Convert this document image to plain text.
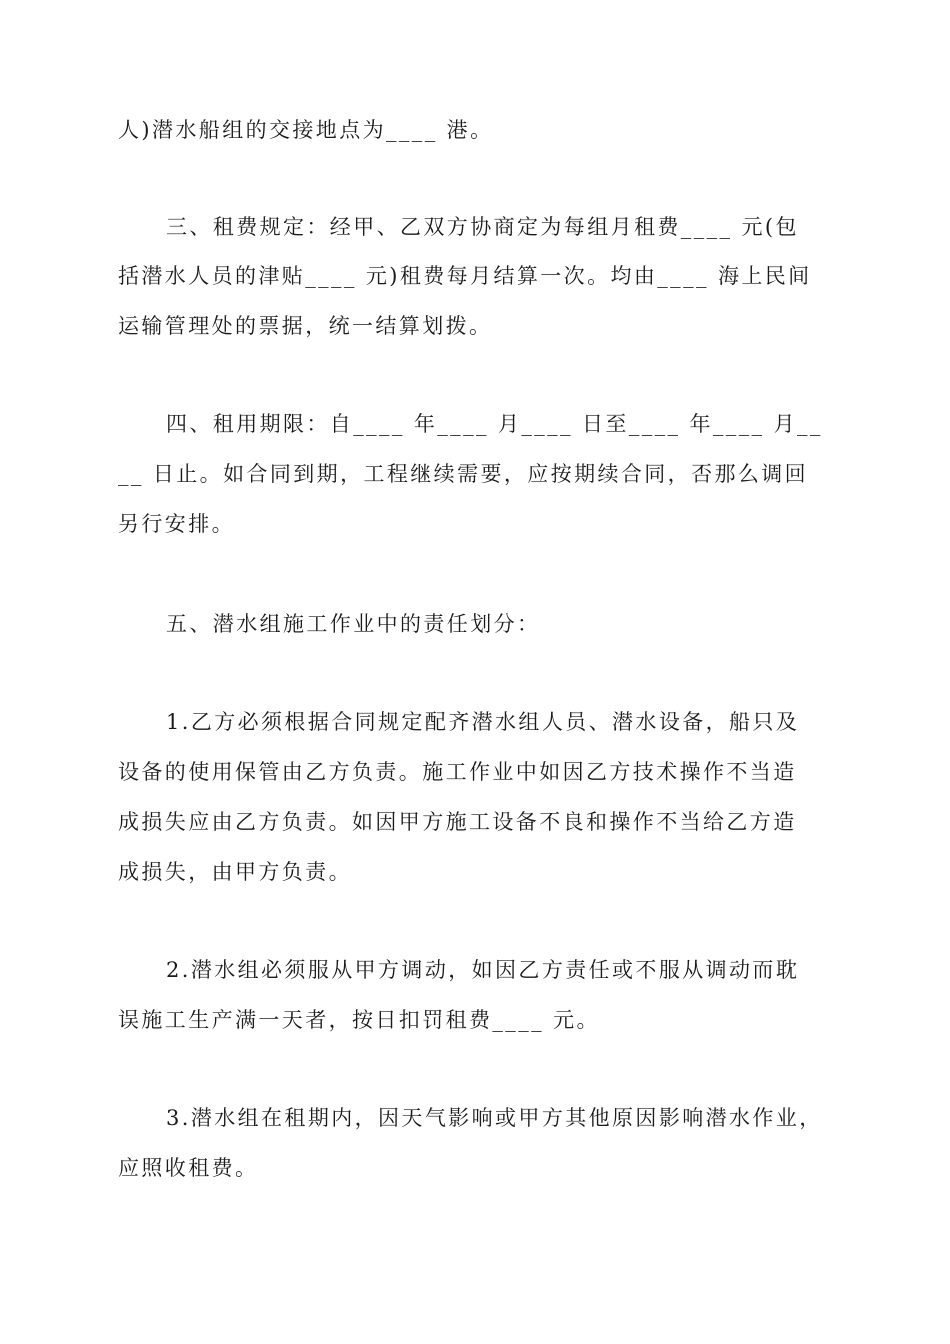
人)潜水船组的交接地点为____ 港。
三、租费规定：经甲、乙双方协商定为每组月租费____ 元(包
括潜水人员的津贴____ 元)租费每月结算一次。均由____ 海上民间
运输管理处的票据，统一结算划拨。
四、租用期限：自____ 年____ 月____ 日至____ 年____ 月__
__ 日止。如合同到期，工程继续需要，应按期续合同，否那么调回
另行安排。
五、潜水组施工作业中的责任划分：
1.乙方必须根据合同规定配齐潜水组人员、潜水设备，船只及
设备的使用保管由乙方负责。施工作业中如因乙方技术操作不当造
成损失应由乙方负责。如因甲方施工设备不良和操作不当给乙方造
成损失，由甲方负责。
2.潜水组必须服从甲方调动，如因乙方责任或不服从调动而耽
误施工生产满一天者，按日扣罚租费____ 元。
3.潜水组在租期内，因天气影响或甲方其他原因影响潜水作业，
应照收租费。
